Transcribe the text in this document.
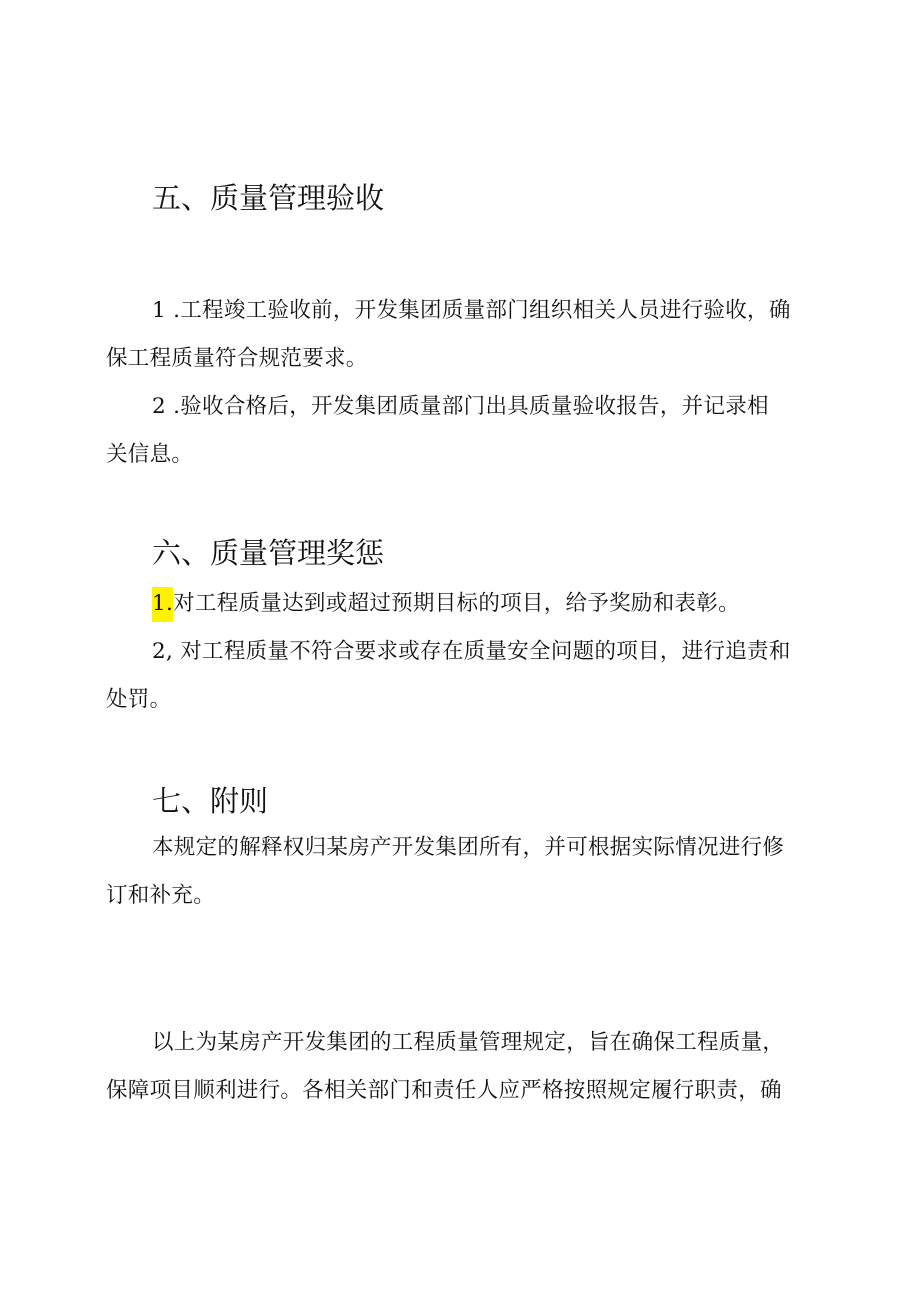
五、质量管理验收
1 .工程竣工验收前，开发集团质量部门组织相关人员进行验收，确
保工程质量符合规范要求。
2 .验收合格后，开发集团质量部门出具质量验收报告，并记录相
关信息。
六、质量管理奖惩
1.对工程质量达到或超过预期目标的项目，给予奖励和表彰。
2, 对工程质量不符合要求或存在质量安全问题的项目，进行追责和
处罚。
七、附则
本规定的解释权归某房产开发集团所有，并可根据实际情况进行修
订和补充。
以上为某房产开发集团的工程质量管理规定，旨在确保工程质量，
保障项目顺利进行。各相关部门和责任人应严格按照规定履行职责，确
